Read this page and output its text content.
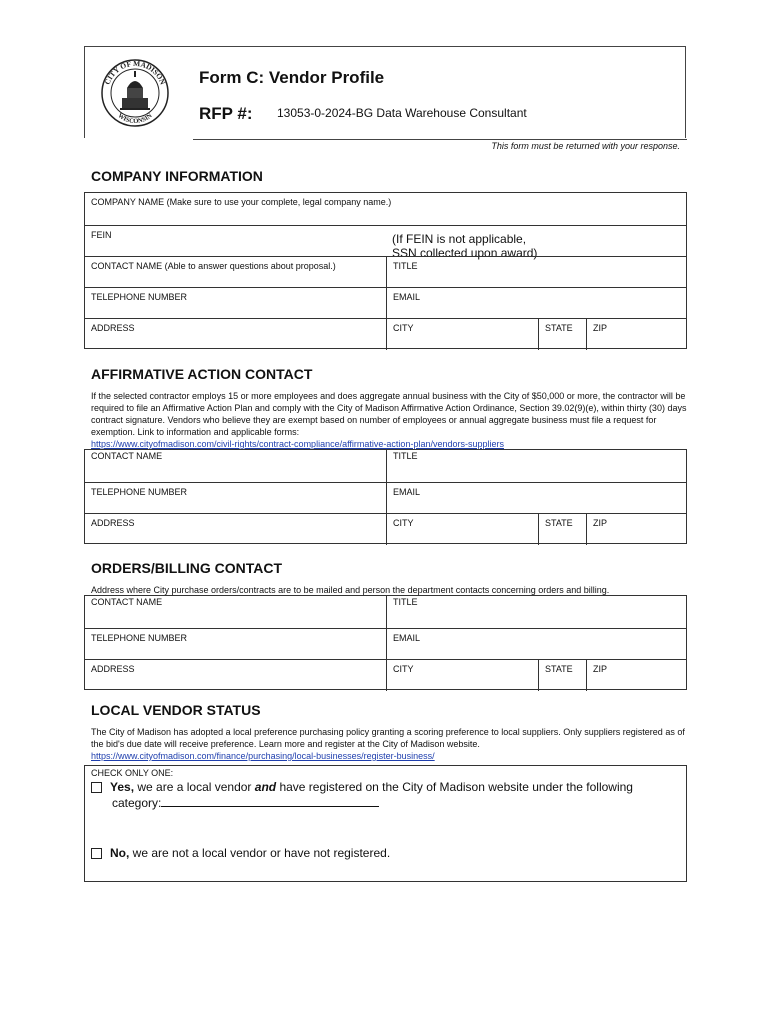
CITY OF MADISON
WISCONSIN
Form C: Vendor Profile
RFP #: 13053-0-2024-BG Data Warehouse Consultant
This form must be returned with your response.
COMPANY INFORMATION
COMPANY NAME (Make sure to use your complete, legal company name.)
FEIN	(If FEIN is not applicable,
SSN collected upon award)
CONTACT NAME (Able to answer questions about proposal.)	TITLE
TELEPHONE NUMBER	EMAIL
ADDRESS	CITY	STATE ZIP
AFFIRMATIVE ACTION CONTACT
If the selected contractor employs 15 or more employees and does aggregate annual business with the City of $50,000 or more, the contractor will be required to file an Affirmative Action Plan and comply with the City of Madison Affirmative Action Ordinance, Section 39.02(9)(e), within thirty (30) days contract signature. Vendors who believe they are exempt based on number of employees or annual aggregate business must file a request for exemption. Link to information and applicable forms:
https://www.cityofmadison.com/civil-rights/contract-compliance/affirmative-action-plan/vendors-suppliers
CONTACT NAME	TITLE
TELEPHONE NUMBER	EMAIL
ADDRESS	CITY	STATE ZIP
ORDERS/BILLING CONTACT
Address where City purchase orders/contracts are to be mailed and person the department contacts concerning orders and billing.
CONTACT NAME	TITLE
TELEPHONE NUMBER	EMAIL
ADDRESS	CITY	STATE ZIP
LOCAL VENDOR STATUS
The City of Madison has adopted a local preference purchasing policy granting a scoring preference to local suppliers. Only suppliers registered as of the bid's due date will receive preference. Learn more and register at the City of Madison website.
https://www.cityofmadison.com/finance/purchasing/local-businesses/register-business/
CHECK ONLY ONE:
Yes, we are a local vendor and have registered on the City of Madison website under the following
category:
No, we are not a local vendor or have not registered.
